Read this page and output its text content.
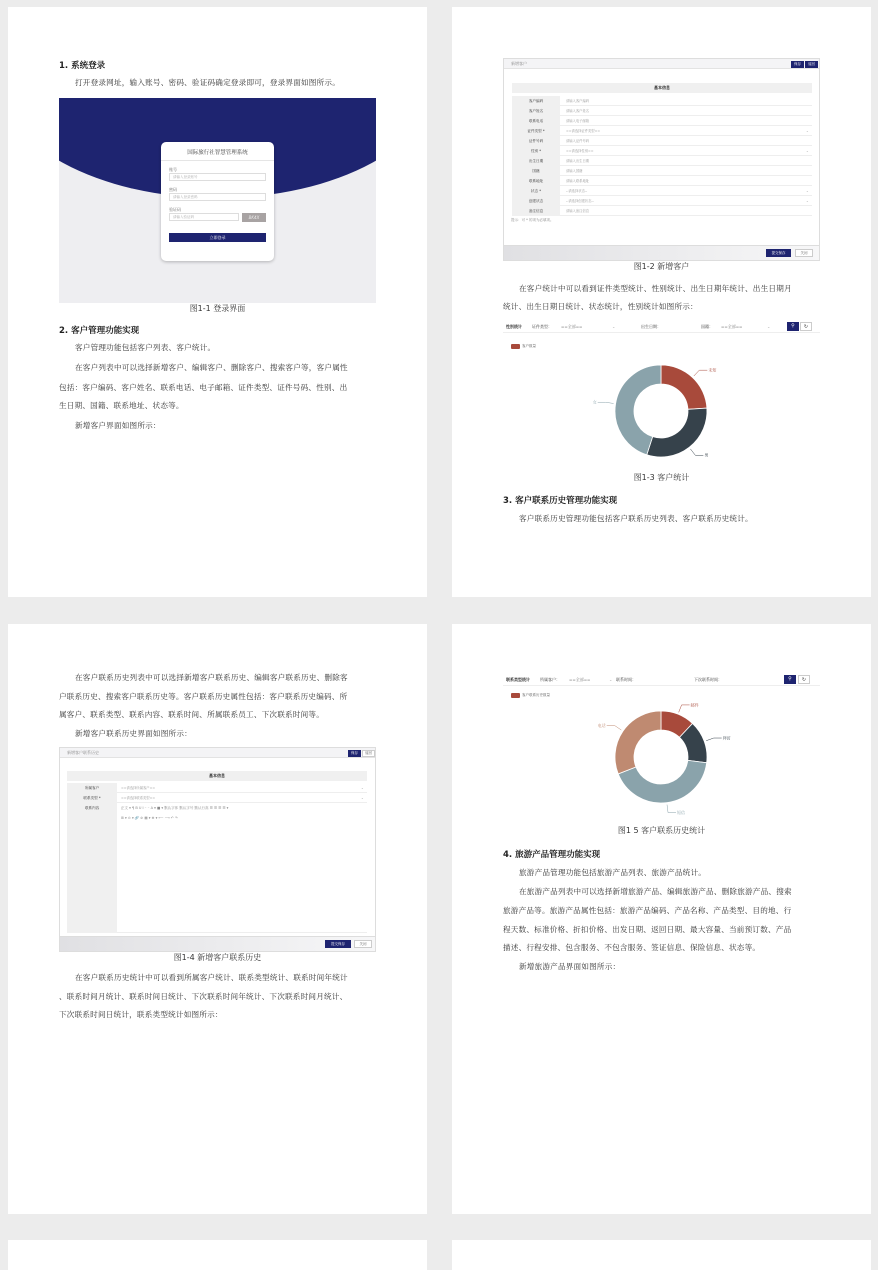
1. 系统登录
打开登录网址，输入账号、密码、验证码确定登录即可，登录界面如图所示。
国际旅行社智慧管理系统
账号
请输入登录账号
密码
请输入登录密码
验证码
请输入验证码	BK4X
立即登录
图1-1 登录界面
2. 客户管理功能实现
客户管理功能包括客户列表、客户统计。
在客户列表中可以选择新增客户、编辑客户、删除客户、搜索客户等，客户属性
包括：客户编码、客户姓名、联系电话、电子邮箱、证件类型、证件号码、性别、出
生日期、国籍、联系地址、状态等。
新增客户界面如图所示：
新增客户	保存	返回
基本信息
客户编码	请输入客户编码
客户姓名	请输入客户姓名
联系电话	请输入电子邮箱
证件类型 *	==请选择证件类型==	⌄
证件号码	请输入证件号码
性别 *	==请选择性别==	⌄
出生日期	请输入出生日期
国籍	请输入国籍
联系地址	请输入联系地址
状态 *	--请选择状态--	⌄
创建状态	--请选择创建状态--	⌄
备注信息	请输入备注信息
提示：可 * 的项为必填项。
提交保存	关闭
图1-2 新增客户
在客户统计中可以看到证件类型统计、性别统计、出生日期年统计、出生日期月
统计、出生日期日统计、状态统计，性别统计如图所示：
性别统计	证件类型： ==全部==	⌄	出生日期：	国籍： ==全部==	⌄	⚲	↻
客户数量
未知
男
女
图1-3 客户统计
3. 客户联系历史管理功能实现
客户联系历史管理功能包括客户联系历史列表、客户联系历史统计。
在客户联系历史列表中可以选择新增客户联系历史、编辑客户联系历史、删除客
户联系历史、搜索客户联系历史等。客户联系历史属性包括：客户联系历史编码、所
属客户、联系类型、联系内容、联系时间、所属联系员工、下次联系时间等。
新增客户联系历史界面如图所示：
新增客户联系历史	保存	返回
基本信息
所属客户	==请选择所属客户==	⌄
联系类型 *	==请选择联系类型==	⌄
联系内容	正文 ▾ ¶ B U I ⁻ ⁻ A ▾ ■ ▾ 默认字体 默认字号 默认行高 ☰ ☰ ☰ ☰ ▾
⊞ ▾ ⊙ ▾ 🔗 ⊘ ▦ ▾ ⊕ ▾ ⟵ ⟶ ↶ ↷
提交保存	关闭
图1-4 新增客户联系历史
在客户联系历史统计中可以看到所属客户统计、联系类型统计、联系时间年统计
、联系时间月统计、联系时间日统计、下次联系时间年统计、下次联系时间月统计、
下次联系时间日统计，联系类型统计如图所示：
联系类型统计	所属客户： ==全部==	⌄ 联系时间：	下次联系时间：	⚲	↻
客户联系历史数量
邮件
拜访
短信
电话
图1 5 客户联系历史统计
4. 旅游产品管理功能实现
旅游产品管理功能包括旅游产品列表、旅游产品统计。
在旅游产品列表中可以选择新增旅游产品、编辑旅游产品、删除旅游产品、搜索
旅游产品等。旅游产品属性包括：旅游产品编码、产品名称、产品类型、目的地、行
程天数、标准价格、折扣价格、出发日期、返回日期、最大容量、当前预订数、产品
描述、行程安排、包含服务、不包含服务、签证信息、保险信息、状态等。
新增旅游产品界面如图所示：
